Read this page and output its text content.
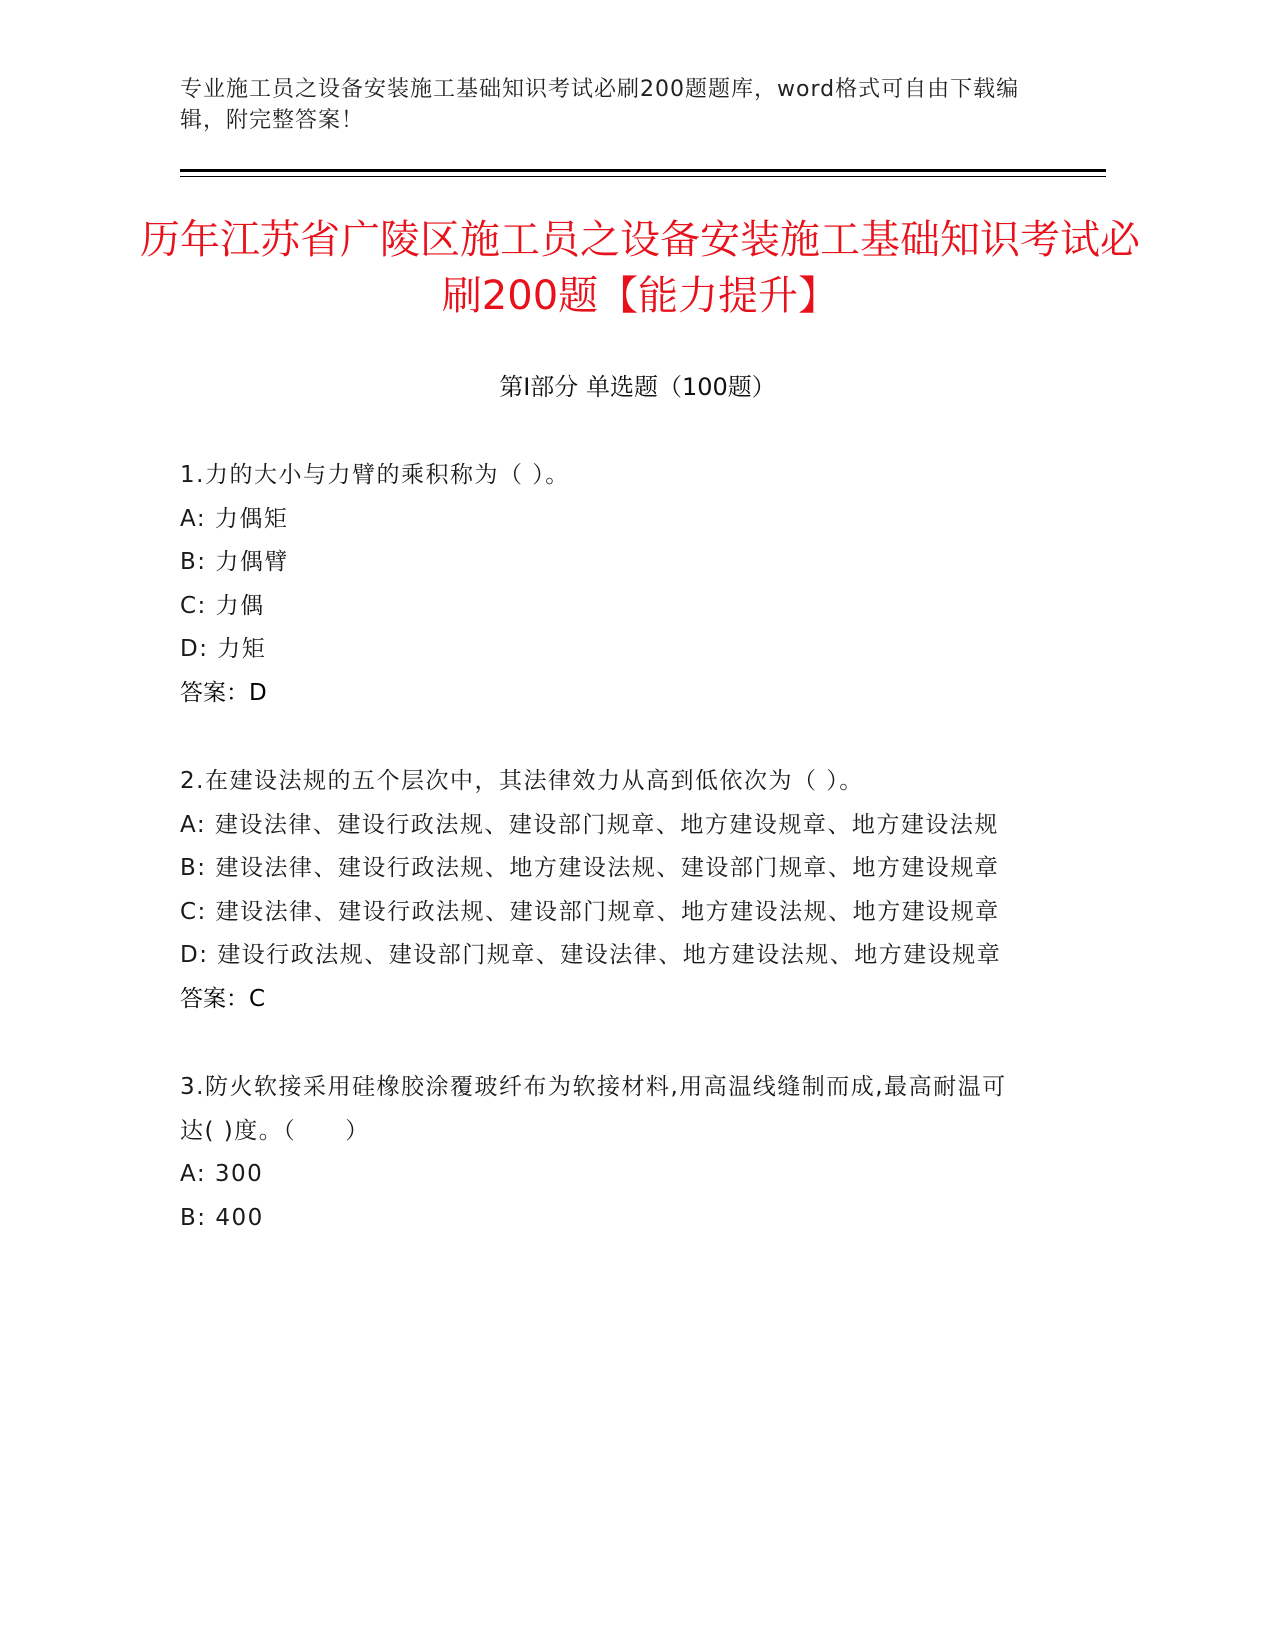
专业施工员之设备安装施工基础知识考试必刷200题题库，word格式可自由下载编辑，附完整答案！
历年江苏省广陵区施工员之设备安装施工基础知识考试必刷200题【能力提升】
第I部分 单选题（100题）
1.力的大小与力臂的乘积称为（ ）。
A: 力偶矩
B: 力偶臂
C: 力偶
D: 力矩
答案：D
2.在建设法规的五个层次中，其法律效力从高到低依次为（ ）。
A: 建设法律、建设行政法规、建设部门规章、地方建设规章、地方建设法规
B: 建设法律、建设行政法规、地方建设法规、建设部门规章、地方建设规章
C: 建设法律、建设行政法规、建设部门规章、地方建设法规、地方建设规章
D: 建设行政法规、建设部门规章、建设法律、地方建设法规、地方建设规章
答案：C
3.防火软接采用硅橡胶涂覆玻纤布为软接材料,用高温线缝制而成,最高耐温可达( )度。（　　）
A: 300
B: 400
